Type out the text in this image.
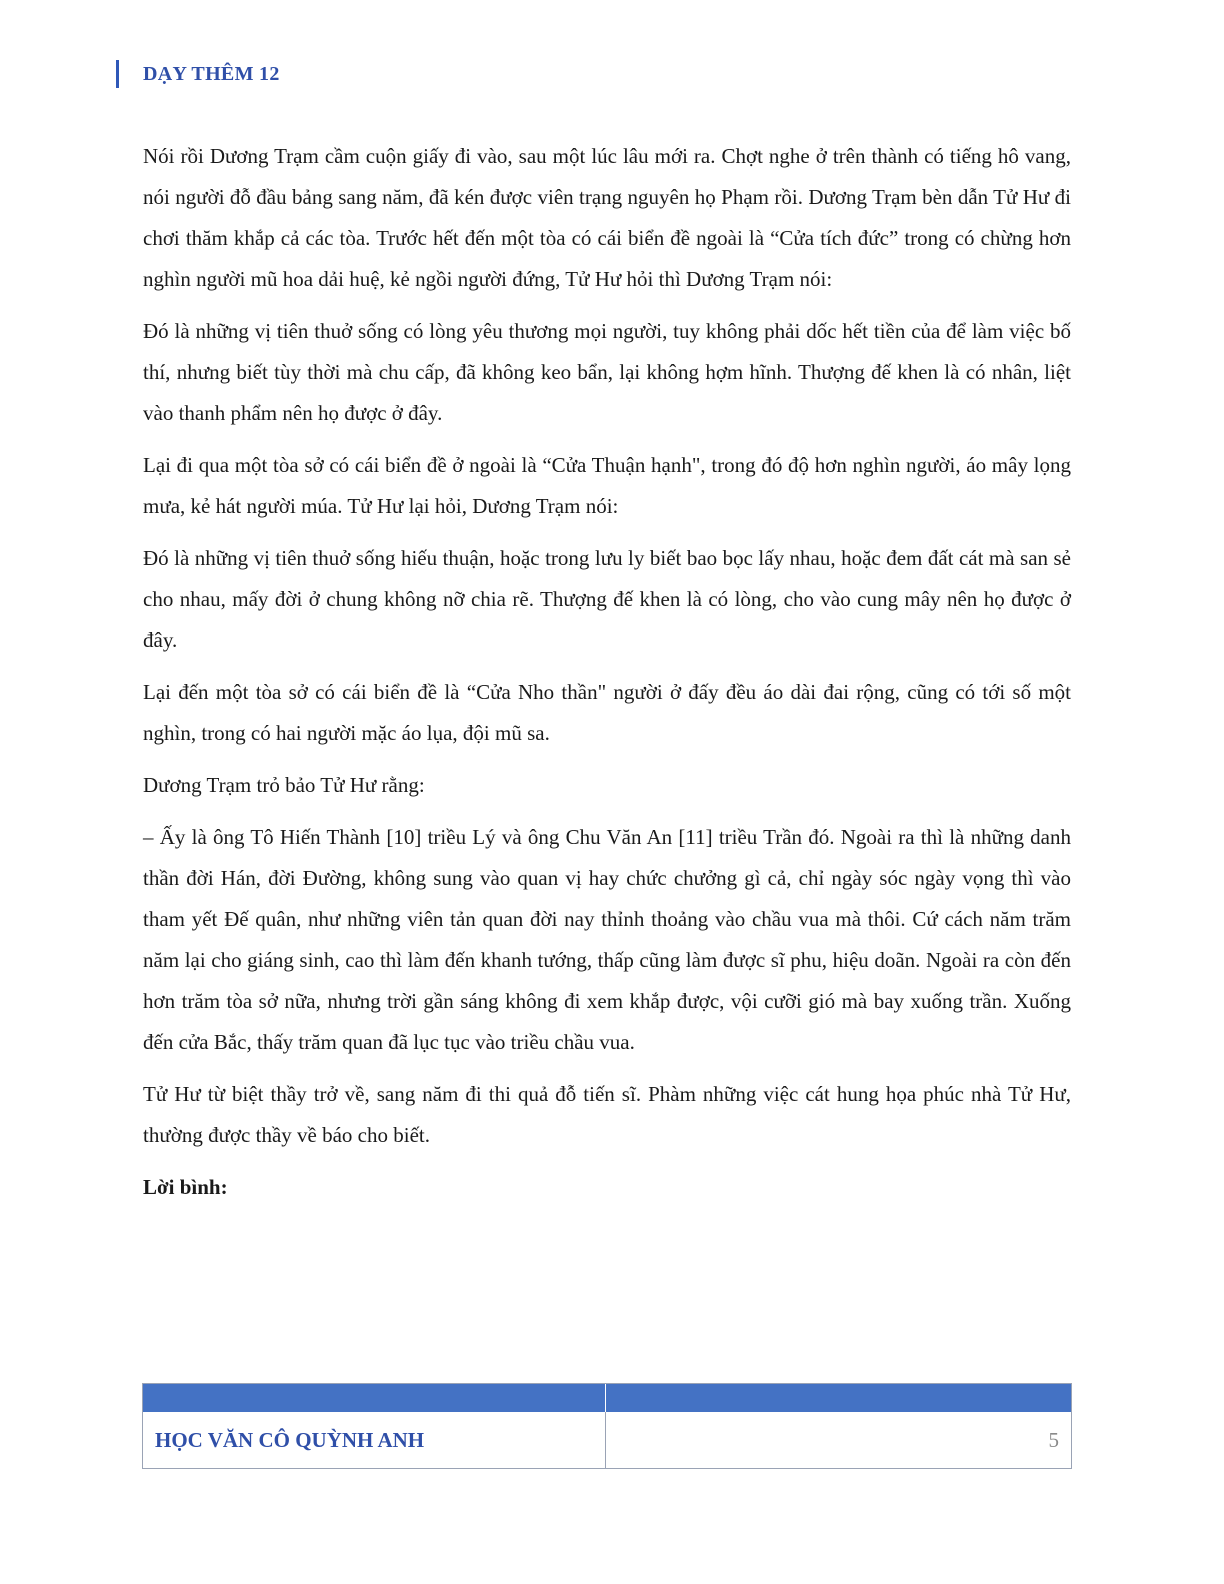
DẠY THÊM 12

Nói rồi Dương Trạm cầm cuộn giấy đi vào, sau một lúc lâu mới ra. Chợt nghe ở trên thành có tiếng hô vang, nói người đỗ đầu bảng sang năm, đã kén được viên trạng nguyên họ Phạm rồi. Dương Trạm bèn dẫn Tử Hư đi chơi thăm khắp cả các tòa. Trước hết đến một tòa có cái biển đề ngoài là “Cửa tích đức” trong có chừng hơn nghìn người mũ hoa dải huệ, kẻ ngồi người đứng, Tử Hư hỏi thì Dương Trạm nói:

Đó là những vị tiên thuở sống có lòng yêu thương mọi người, tuy không phải dốc hết tiền của để làm việc bố thí, nhưng biết tùy thời mà chu cấp, đã không keo bẩn, lại không hợm hĩnh. Thượng đế khen là có nhân, liệt vào thanh phẩm nên họ được ở đây.

Lại đi qua một tòa sở có cái biển đề ở ngoài là “Cửa Thuận hạnh", trong đó độ hơn nghìn người, áo mây lọng mưa, kẻ hát người múa. Tử Hư lại hỏi, Dương Trạm nói:

Đó là những vị tiên thuở sống hiếu thuận, hoặc trong lưu ly biết bao bọc lấy nhau, hoặc đem đất cát mà san sẻ cho nhau, mấy đời ở chung không nỡ chia rẽ. Thượng đế khen là có lòng, cho vào cung mây nên họ được ở đây.

Lại đến một tòa sở có cái biển đề là “Cửa Nho thần" người ở đấy đều áo dài đai rộng, cũng có tới số một nghìn, trong có hai người mặc áo lụa, đội mũ sa.

Dương Trạm trỏ bảo Tử Hư rằng:

– Ấy là ông Tô Hiến Thành [10] triều Lý và ông Chu Văn An [11] triều Trần đó. Ngoài ra thì là những danh thần đời Hán, đời Đường, không sung vào quan vị hay chức chưởng gì cả, chỉ ngày sóc ngày vọng thì vào tham yết Đế quân, như những viên tản quan đời nay thỉnh thoảng vào chầu vua mà thôi. Cứ cách năm trăm năm lại cho giáng sinh, cao thì làm đến khanh tướng, thấp cũng làm được sĩ phu, hiệu doãn. Ngoài ra còn đến hơn trăm tòa sở nữa, nhưng trời gần sáng không đi xem khắp được, vội cưỡi gió mà bay xuống trần. Xuống đến cửa Bắc, thấy trăm quan đã lục tục vào triều chầu vua.

Tử Hư từ biệt thầy trở về, sang năm đi thi quả đỗ tiến sĩ. Phàm những việc cát hung họa phúc nhà Tử Hư, thường được thầy về báo cho biết.

Lời bình:

HỌC VĂN CÔ QUỲNH ANH	5
